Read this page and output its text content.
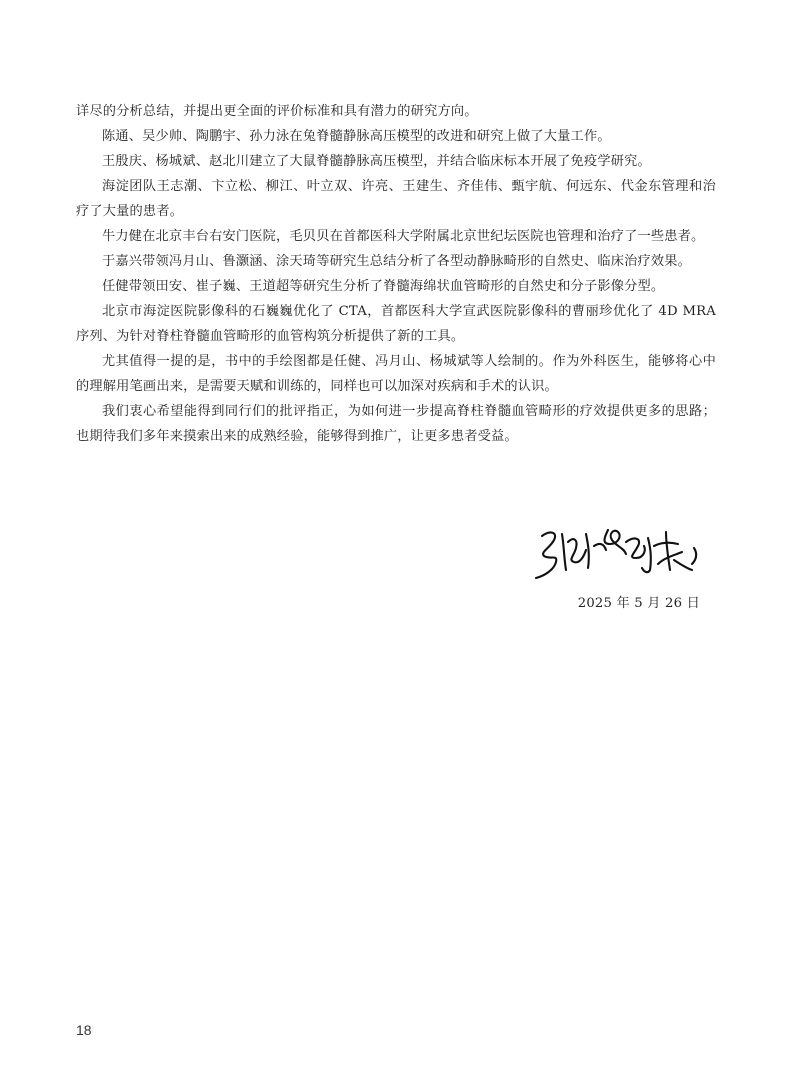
详尽的分析总结，并提出更全面的评价标准和具有潜力的研究方向。

陈通、吴少帅、陶鹏宇、孙力泳在兔脊髓静脉高压模型的改进和研究上做了大量工作。

王殷庆、杨城斌、赵北川建立了大鼠脊髓静脉高压模型，并结合临床标本开展了免疫学研究。

海淀团队王志潮、卞立松、柳江、叶立双、许亮、王建生、齐佳伟、甄宇航、何远东、代金东管理和治疗了大量的患者。

牛力健在北京丰台右安门医院，毛贝贝在首都医科大学附属北京世纪坛医院也管理和治疗了一些患者。

于嘉兴带领冯月山、鲁灏涵、涂天琦等研究生总结分析了各型动静脉畸形的自然史、临床治疗效果。

任健带领田安、崔子巍、王道超等研究生分析了脊髓海绵状血管畸形的自然史和分子影像分型。

北京市海淀医院影像科的石巍巍优化了 CTA，首都医科大学宣武医院影像科的曹丽珍优化了 4D MRA 序列、为针对脊柱脊髓血管畸形的血管构筑分析提供了新的工具。

尤其值得一提的是，书中的手绘图都是任健、冯月山、杨城斌等人绘制的。作为外科医生，能够将心中的理解用笔画出来，是需要天赋和训练的，同样也可以加深对疾病和手术的认识。

我们衷心希望能得到同行们的批评指正，为如何进一步提高脊柱脊髓血管畸形的疗效提供更多的思路；也期待我们多年来摸索出来的成熟经验，能够得到推广，让更多患者受益。

2025 年 5 月 26 日
18
